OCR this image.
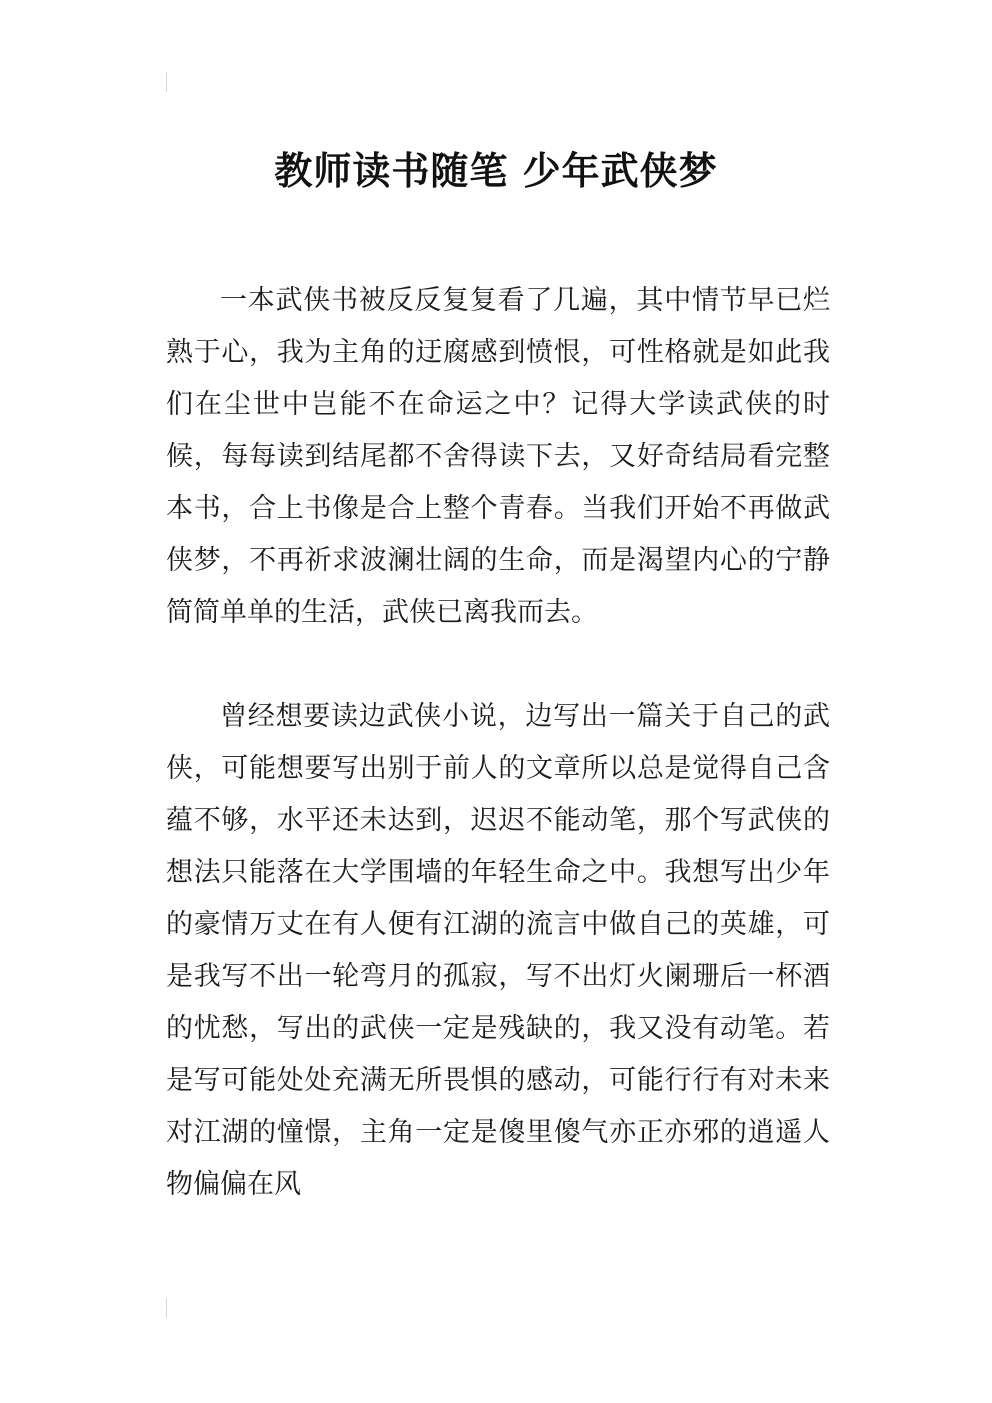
教师读书随笔 少年武侠梦

一本武侠书被反反复复看了几遍，其中情节早已烂熟于心，我为主角的迂腐感到愤恨，可性格就是如此我们在尘世中岂能不在命运之中？记得大学读武侠的时候，每每读到结尾都不舍得读下去，又好奇结局看完整本书，合上书像是合上整个青春。当我们开始不再做武侠梦，不再祈求波澜壮阔的生命，而是渴望内心的宁静简简单单的生活，武侠已离我而去。

曾经想要读边武侠小说，边写出一篇关于自己的武侠，可能想要写出别于前人的文章所以总是觉得自己含蕴不够，水平还未达到，迟迟不能动笔，那个写武侠的想法只能落在大学围墙的年轻生命之中。我想写出少年的豪情万丈在有人便有江湖的流言中做自己的英雄，可是我写不出一轮弯月的孤寂，写不出灯火阑珊后一杯酒的忧愁，写出的武侠一定是残缺的，我又没有动笔。若是写可能处处充满无所畏惧的感动，可能行行有对未来对江湖的憧憬，主角一定是傻里傻气亦正亦邪的逍遥人物偏偏在风
